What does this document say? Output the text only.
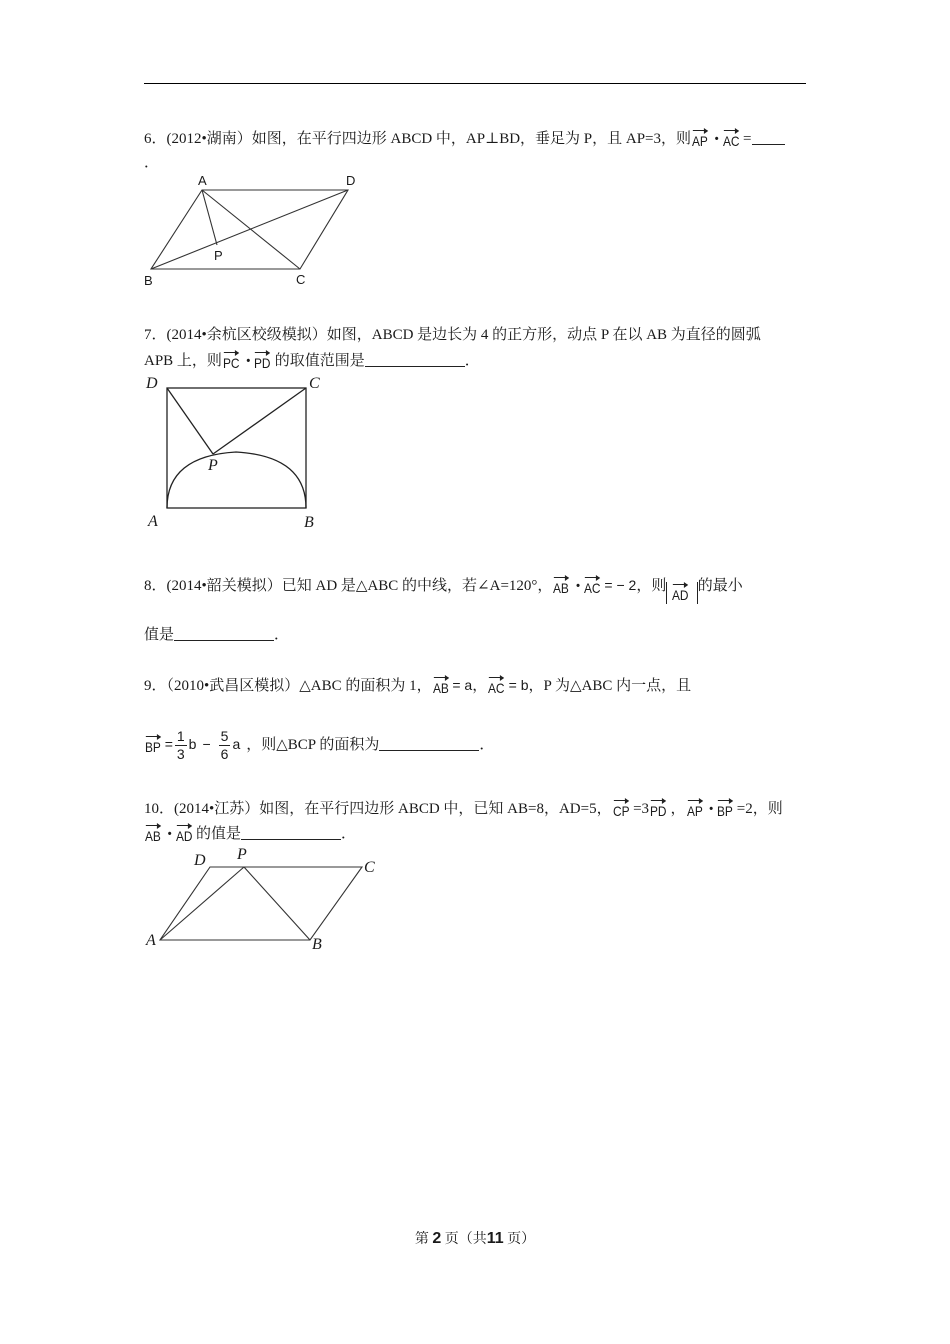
6．(2012•湖南）如图，在平行四边形 ABCD 中，AP⊥BD，垂足为 P，且 AP=3，则AP • AC =
．
A	D
B	C
P
7．(2014•余杭区校级模拟）如图，ABCD 是边长为 4 的正方形，动点 P 在以 AB 为直径的圆弧
APB 上，则PC • PD 的取值范围是	．
D	C
A	B
P
8．(2014•韶关模拟）已知 AD 是△ABC 的中线，若∠A=120°，AB • AC = − 2，则AD的最小
值是	．
9．（2010•武昌区模拟）△ABC 的面积为 1，AB = a，AC = b，P 为△ABC 内一点，且
BP = $\frac{1}{3}$ $b - \frac{5}{6}$ a ，则△BCP 的面积为	．
10．(2014•江苏）如图，在平行四边形 ABCD 中，已知 AB=8，AD=5，CP =3PD ，AP • BP =2，则
AB • AD 的值是	．
D P
C
A	B
第 2 页（共11 页）
